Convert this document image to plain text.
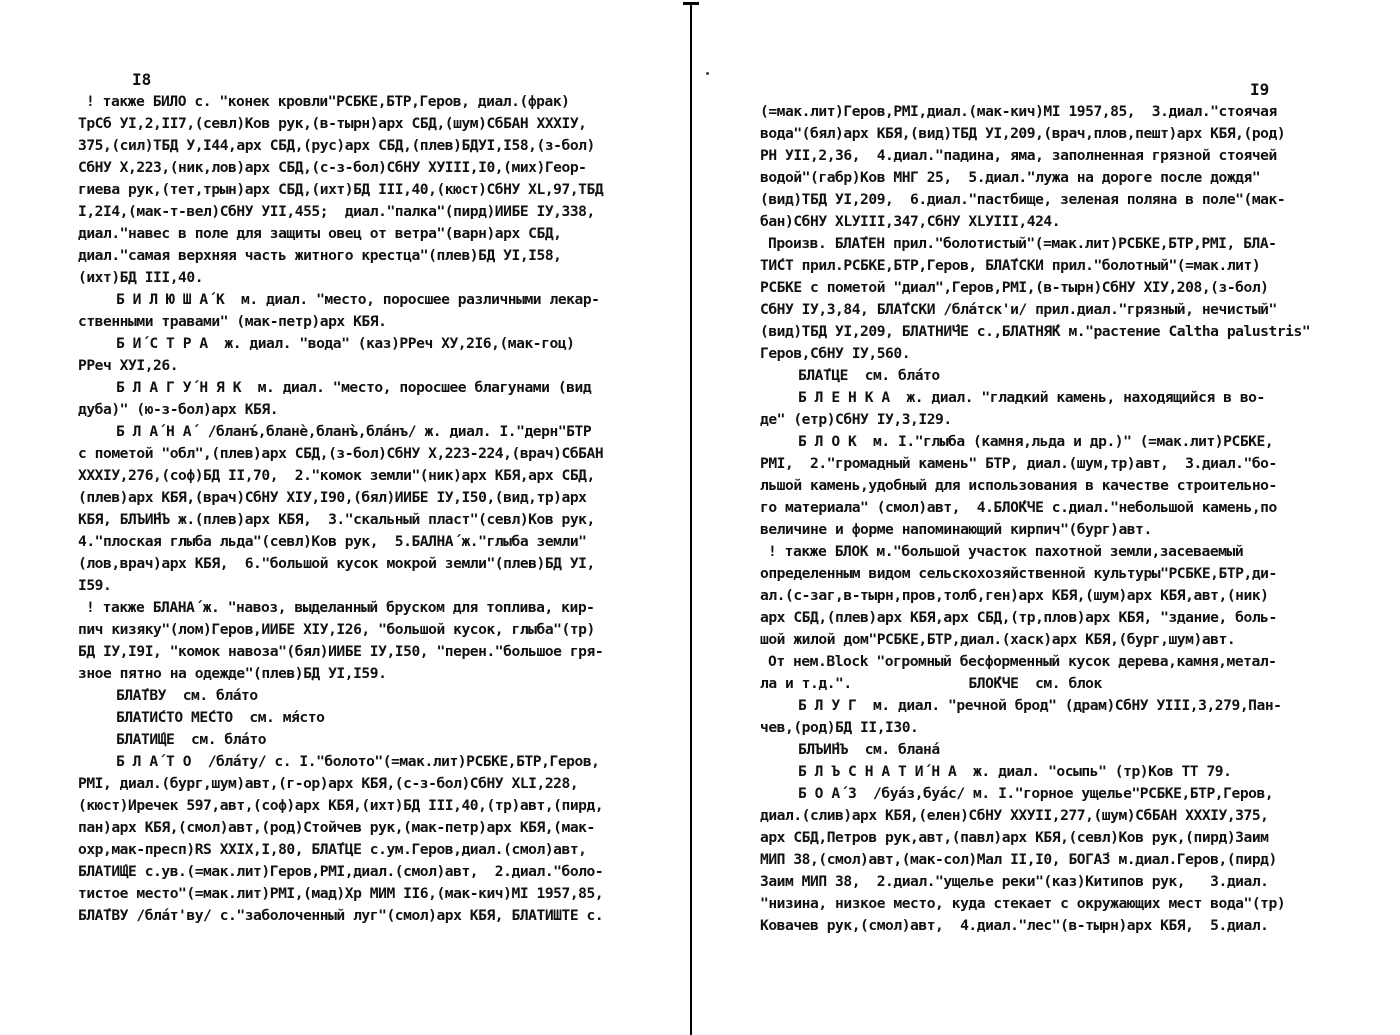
I8
! также БИЛО с. "конек кровли"РСБКЕ,БТР,Геров, диал.(фрак)
ТрСб УI,2,II7,(севл)Ков рук,(в-тырн)арх СБД,(шум)СбБАН XXXIУ,
375,(сил)ТБД У,I44,арх СБД,(рус)арх СБД,(плев)БДУI,I58,(з-бол)
СбНУ Х,223,(ник,лов)арх СБД,(с-з-бол)СбНУ ХУIII,I0,(мих)Геор-
гиева рук,(тет,трын)арх СБД,(ихт)БД III,40,(кюст)СбНУ ХL,97,ТБД
I,2I4,(мак-т-вел)СбНУ УII,455;  диал."палка"(пирд)ИИБЕ IУ,338,
диал."навес в поле для защиты овец от ветра"(варн)арх СБД,
диал."самая верхняя часть житного крестца"(плев)БД УI,I58,
(ихт)БД III,40.
Б И Л Ю Ш А́ К  м. диал. "место, поросшее различными лекар-
ственными травами" (мак-петр)арх КБЯ.
Б И́ С Т Р А  ж. диал. "вода" (каз)РРеч ХУ,2I6,(мак-гоц)
РРеч ХУI,26.
Б Л А Г У́ Н Я К  м. диал. "место, поросшее благунами (вид
дуба)" (ю-з-бол)арх КБЯ.
Б Л А́ Н А́  /бланъ́,бланè,бланъ̀,бла́нъ/ ж. диал. I."дерн"БТР
с пометой "обл",(плев)арх СБД,(з-бол)СбНУ Х,223-224,(врач)СбБАН
XXXIУ,276,(соф)БД II,70,  2."комок земли"(ник)арх КБЯ,арх СБД,
(плев)арх КБЯ,(врач)СбНУ ХIУ,I90,(бял)ИИБЕ IУ,I50,(вид,тр)арх
КБЯ, БЛЪИ́НЪ ж.(плев)арх КБЯ,  3."скальный пласт"(севл)Ков рук,
4."плоская глыба льда"(севл)Ков рук,  5.БАЛНА́ ж."глыба земли"
(лов,врач)арх КБЯ,  6."большой кусок мокрой земли"(плев)БД УI,
I59.
! также БЛАНА́ ж. "навоз, выделанный бруском для топлива, кир-
пич кизяку"(лом)Геров,ИИБЕ ХIУ,I26, "большой кусок, глыба"(тр)
БД IУ,I9I, "комок навоза"(бял)ИИБЕ IУ,I50, "перен."большое гря-
зное пятно на одежде"(плев)БД УI,I59.
БЛА́ТВУ  см. бла́то
БЛАТИ́СТО МЕ́СТО  см. мя́сто
БЛАТИ́ЩЕ  см. бла́то
Б Л А́ Т О  /бла́ту/ с. I."болото"(=мак.лит)РСБКЕ,БТР,Геров,
РМI, диал.(бург,шум)авт,(г-ор)арх КБЯ,(с-з-бол)СбНУ ХLI,228,
(кюст)Иречек 597,авт,(соф)арх КБЯ,(ихт)БД III,40,(тр)авт,(пирд,
пан)арх КБЯ,(смол)авт,(род)Стойчев рук,(мак-петр)арх КБЯ,(мак-
охр,мак-пресп)RS XXIX,I,80, БЛА́ТЦЕ с.ум.Геров,диал.(смол)авт,
БЛАТИ́ЩЕ с.ув.(=мак.лит)Геров,РМI,диал.(смол)авт,  2.диал."боло-
тистое место"(=мак.лит)РМI,(мад)Хр МИМ II6,(мак-кич)МI 1957,85,
БЛА́ТВУ /бла́т'ву/ с."заболоченный луг"(смол)арх КБЯ, БЛАТИШТЕ с.
I9
(=мак.лит)Геров,РМI,диал.(мак-кич)МI 1957,85,  3.диал."стоячая
вода"(бял)арх КБЯ,(вид)ТБД УI,209,(врач,плов,пешт)арх КБЯ,(род)
РН УII,2,36,  4.диал."падина, яма, заполненная грязной стоячей
водой"(габр)Ков МНГ 25,  5.диал."лужа на дороге после дождя"
(вид)ТБД УI,209,  6.диал."пастбище, зеленая поляна в поле"(мак-
бан)СбНУ ХLУIII,347,СбНУ ХLУIII,424.
Произв. БЛА́ТЕН прил."болотистый"(=мак.лит)РСБКЕ,БТР,РМI, БЛА-
ТИ́СТ прил.РСБКЕ,БТР,Геров, БЛА́ТСКИ прил."болотный"(=мак.лит)
РСБКЕ с пометой "диал",Геров,РМI,(в-тырн)СбНУ ХIУ,208,(з-бол)
СбНУ IУ,3,84, БЛА́ТСКИ /бла́тск'и/ прил.диал."грязный, нечистый"
(вид)ТБД УI,209, БЛАТНИ́ЧЕ с.,БЛАТНЯ́К м."растение Caltha palustris"
Геров,СбНУ IУ,560.
БЛА́ТЦЕ  см. бла́то
Б Л Е Н К А  ж. диал. "гладкий камень, находящийся в во-
де" (етр)СбНУ IУ,3,I29.
Б Л О К  м. I."глыба (камня,льда и др.)" (=мак.лит)РСБКЕ,
РМI,  2."громадный камень" БТР, диал.(шум,тр)авт,  3.диал."бо-
льшой камень,удобный для использования в качестве строительно-
го материала" (смол)авт,  4.БЛО́КЧЕ с.диал."небольшой камень,по
величине и форме напоминающий кирпич"(бург)авт.
! также БЛОК м."большой участок пахотной земли,засеваемый
определенным видом сельскохозяйственной культуры"РСБКЕ,БТР,ди-
ал.(с-заг,в-тырн,пров,толб,ген)арх КБЯ,(шум)арх КБЯ,авт,(ник)
арх СБД,(плев)арх КБЯ,арх СБД,(тр,плов)арх КБЯ, "здание, боль-
шой жилой дом"РСБКЕ,БТР,диал.(хаск)арх КБЯ,(бург,шум)авт.
От нем.Block "огромный бесформенный кусок дерева,камня,метал-
ла и т.д.".              БЛО́КЧЕ  см. блок
Б Л У Г  м. диал. "речной брод" (драм)СбНУ УIII,3,279,Пан-
чев,(род)БД II,I30.
БЛЪИ́НЪ  см. блана́
Б Л Ъ С Н А Т И́ Н А  ж. диал. "осыпь" (тр)Ков ТТ 79.
Б О А́ З  /буа́з,буа́с/ м. I."горное ущелье"РСБКЕ,БТР,Геров,
диал.(слив)арх КБЯ,(елен)СбНУ ХХУII,277,(шум)СбБАН XXXIУ,375,
арх СБД,Петров рук,авт,(павл)арх КБЯ,(севл)Ков рук,(пирд)Заим
МИП 38,(смол)авт,(мак-сол)Мал II,I0, БОГА́З м.диал.Геров,(пирд)
Заим МИП 38,  2.диал."ущелье реки"(каз)Китипов рук,   3.диал.
"низина, низкое место, куда стекает с окружающих мест вода"(тр)
Ковачев рук,(смол)авт,  4.диал."лес"(в-тырн)арх КБЯ,  5.диал.
